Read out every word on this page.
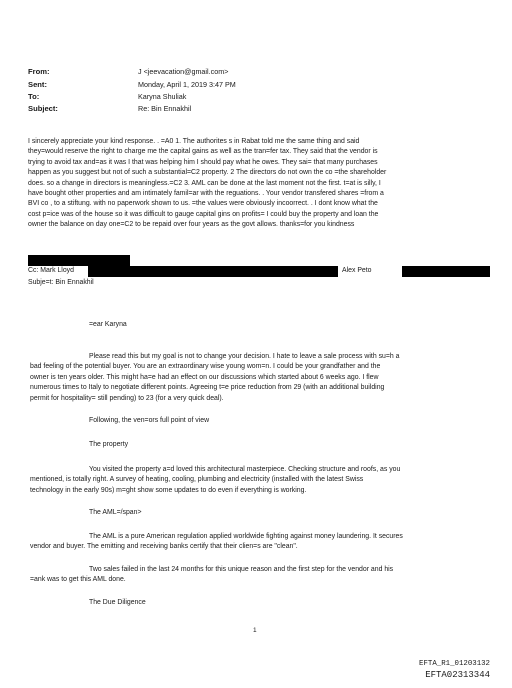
From:	J <jeevacation@gmail.com>
Sent:	Monday, April 1, 2019 3:47 PM
To:	Karyna Shuliak
Subject:	Re: Bin Ennakhil
I sincerely appreciate your kind response. . =A0 1. The authorites s in Rabat told me the same thing and said
they=would reserve the right to charge me the capital gains as well as the tran=fer tax. They said that the vendor is
trying to avoid tax and=as it was I that was helping him I should pay what he owes. They sai= that many purchases
happen as you suggest but not of such a substantial=C2 property. 2 The directors do not own the co =the shareholder
does. so a change in directors is meaningless.=C2 3. AML can be done at the last moment not the first. t=at is silly, I
have bought other properties and am intimately famil=ar with the reguations. . Your vendor transfered shares =from a
BVI co , to a stiftung. with no paperwork shown to us. =the values were obviously incoorrect. . I dont know what the
cost p=ice was of the house so it was difficult to gauge capital gins on profits= I could buy the property and loan the
owner the balance on day one=C2 to be repaid over four years as the govt allows. thanks=for you kindness
Cc: Mark Lloyd	Alex Peto
Subje=t: Bin Ennakhil
=ear Karyna
Please read this but my goal is not to change your decision. I hate to leave a sale process with su=h a
bad feeling of the potential buyer. You are an extraordinary wise young wom=n. I could be your grandfather and the
owner is ten years older. This might ha=e had an effect on our discussions which started about 6 weeks ago. I flew
numerous times to Italy to negotiate different points. Agreeing t=e price reduction from 29 (with an additional building
permit for hospitality= still pending) to 23 (for a very quick deal).
Following, the ven=ors full point of view
The property
You visited the property a=d loved this architectural masterpiece. Checking structure and roofs, as you
mentioned, is totally right. A survey of heating, cooling, plumbing and electricity (installed with the latest Swiss
technology in the early 90s) m=ght show some updates to do even if everything is working.
The AML=/span>
The AML is a pure American regulation applied worldwide fighting against money laundering. It secures
vendor and buyer. The emitting and receiving banks certify that their clien=s are "clean".
Two sales failed in the last 24 months for this unique reason and the first step for the vendor and his
=ank was to get this AML done.
The Due Diligence
1
EFTA_R1_01203132
EFTA02313344
